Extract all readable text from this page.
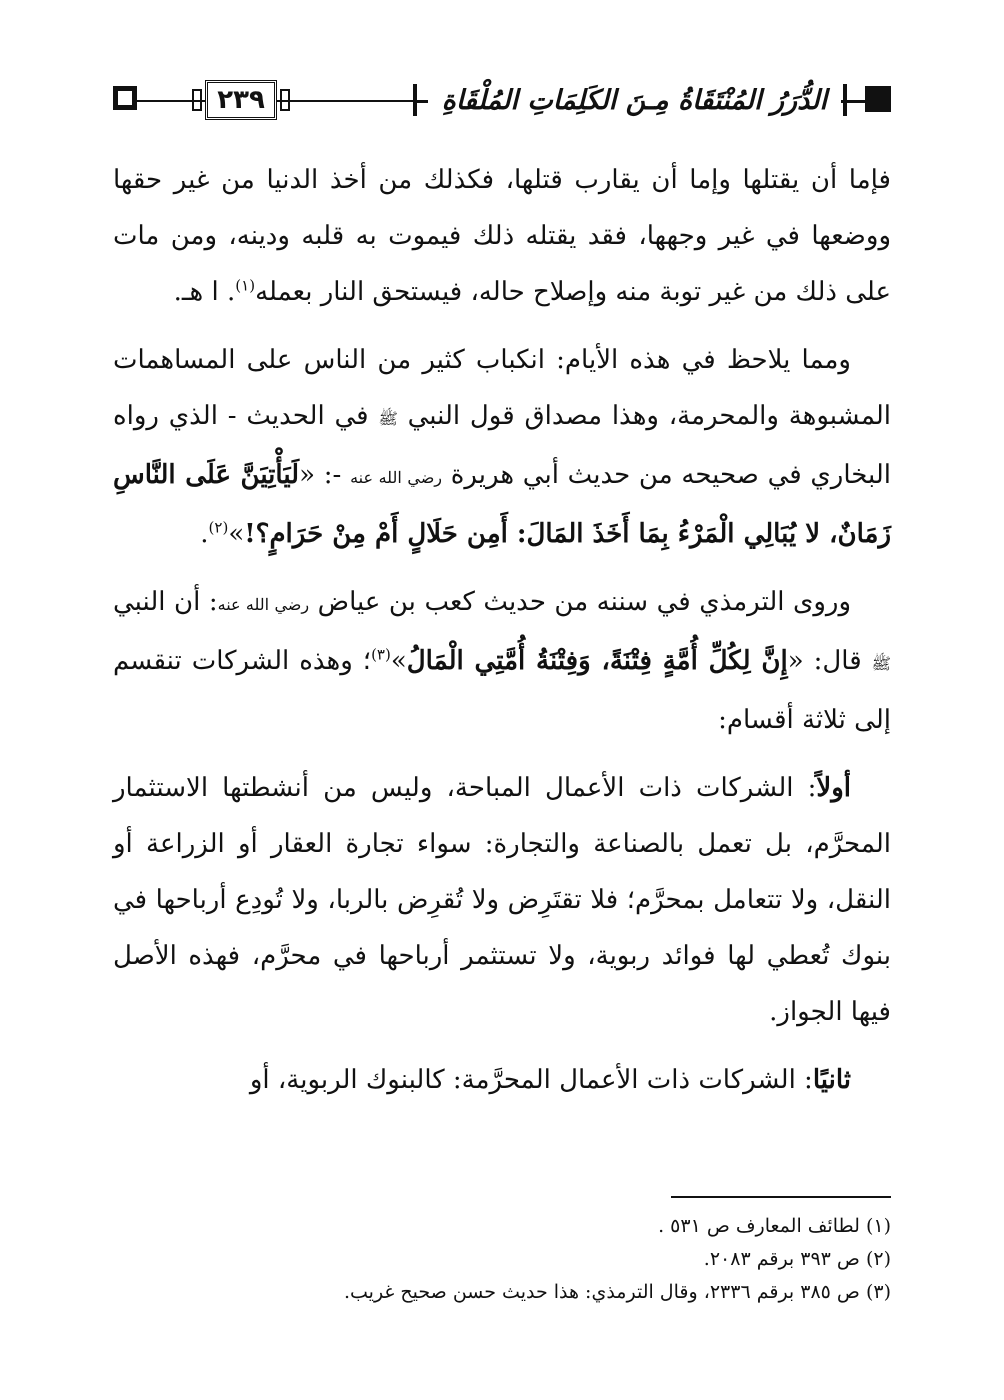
٢٣٩	الدُّرَرُ المُنْتَقَاةُ مِـنَ الكَلِمَاتِ المُلْقَاةِ

فإما أن يقتلها وإما أن يقارب قتلها، فكذلك من أخذ الدنيا من غير حقها ووضعها في غير وجهها، فقد يقتله ذلك فيموت به قلبه ودينه، ومن مات على ذلك من غير توبة منه وإصلاح حاله، فيستحق النار بعمله$^{(١)}$. ا هـ.

ومما يلاحظ في هذه الأيام: انكباب كثير من الناس على المساهمات المشبوهة والمحرمة، وهذا مصداق قول النبي ﷺ في الحديث - الذي رواه البخاري في صحيحه من حديث أبي هريرة رضي الله عنه -: «لَيَأْتِيَنَّ عَلَى النَّاسِ زَمَانٌ، لا يُبَالِي الْمَرْءُ بِمَا أَخَذَ المَالَ: أَمِن حَلَالٍ أَمْ مِنْ حَرَامٍ؟!»$^{(٢)}$.

وروى الترمذي في سننه من حديث كعب بن عياض رضي الله عنه: أن النبي ﷺ قال: «إِنَّ لِكُلِّ أُمَّةٍ فِتْنَةً، وَفِتْنَةُ أُمَّتِي الْمَالُ»$^{(٣)}$؛ وهذه الشركات تنقسم إلى ثلاثة أقسام:

أولاً: الشركات ذات الأعمال المباحة، وليس من أنشطتها الاستثمار المحرَّم، بل تعمل بالصناعة والتجارة: سواء تجارة العقار أو الزراعة أو النقل، ولا تتعامل بمحرَّم؛ فلا تقتَرِض ولا تُقرِض بالربا، ولا تُودِع أرباحها في بنوك تُعطي لها فوائد ربوية، ولا تستثمر أرباحها في محرَّم، فهذه الأصل فيها الجواز.

ثانيًا: الشركات ذات الأعمال المحرَّمة: كالبنوك الربوية، أو

(١) لطائف المعارف ص ٥٣١ .

(٢) ص ٣٩٣ برقم ٢٠٨٣.

(٣) ص ٣٨٥ برقم ٢٣٣٦، وقال الترمذي: هذا حديث حسن صحيح غريب.
